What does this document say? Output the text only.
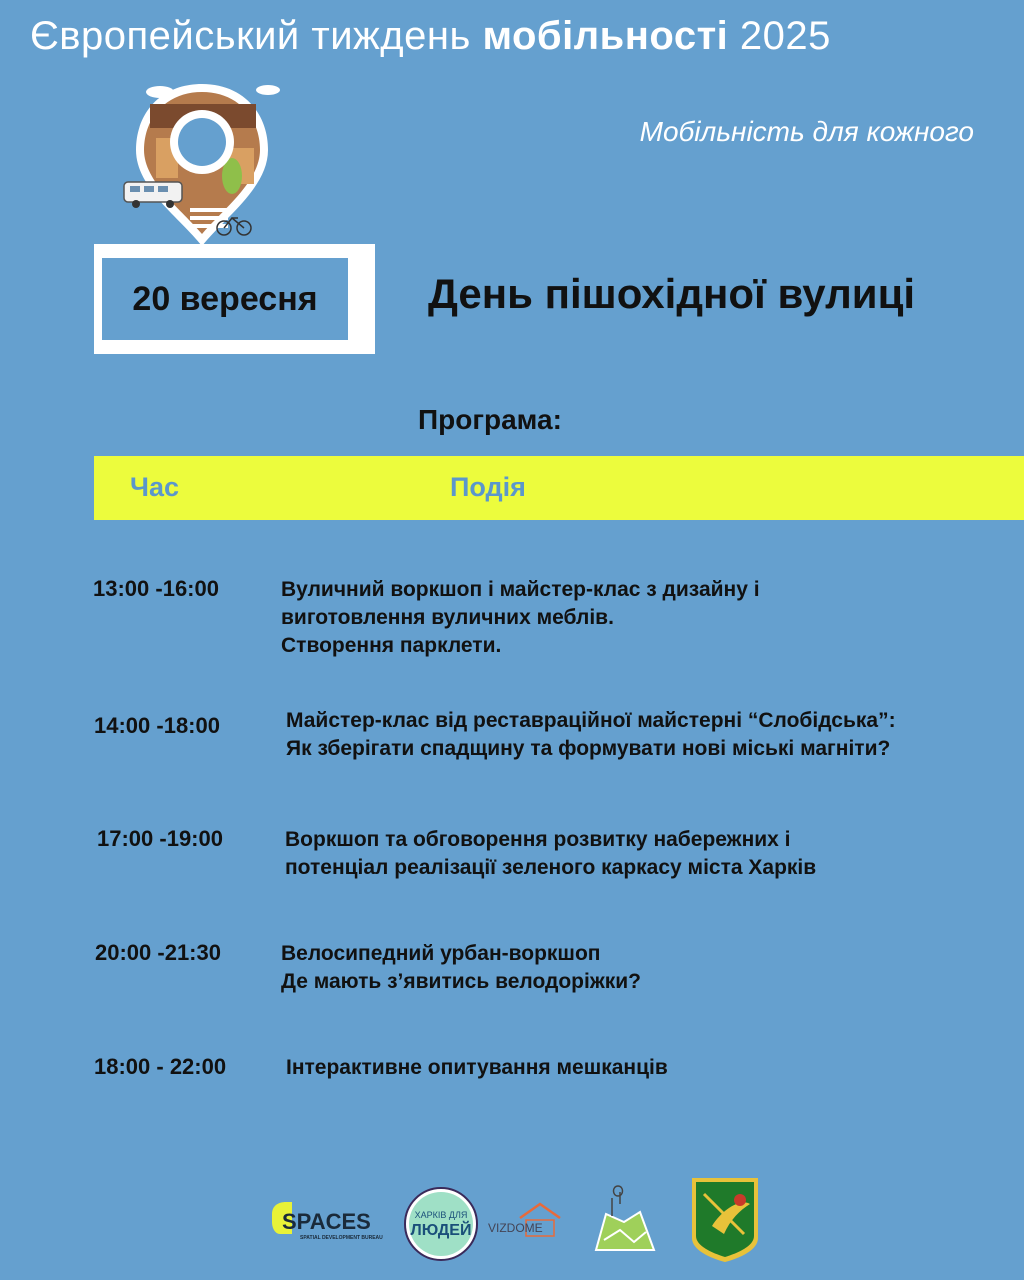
Європейський тиждень мобільності 2025
Мобільність для кожного
20 вересня	День пішохідної вулиці
Програма:
Час	Подія
13:00 -16:00	Вуличний воркшоп і майстер-клас з дизайну і
виготовлення вуличних меблів.
Створення парклети.
14:00 -18:00	Майстер-клас від реставраційної майстерні “Слобідська”:
Як зберігати спадщину та формувати нові міські магніти?
17:00 -19:00	Воркшоп та обговорення розвитку набережних і
потенціал реалізації зеленого каркасу міста Харків
20:00 -21:30	Велосипедний урбан-воркшоп
Де мають з’явитись велодоріжки?
18:00 - 22:00	Інтерактивне опитування мешканців
SPACES
SPATIAL DEVELOPMENT BUREAU
ХАРКІВ ДЛЯ
ЛЮДЕЙ VIZDOME
